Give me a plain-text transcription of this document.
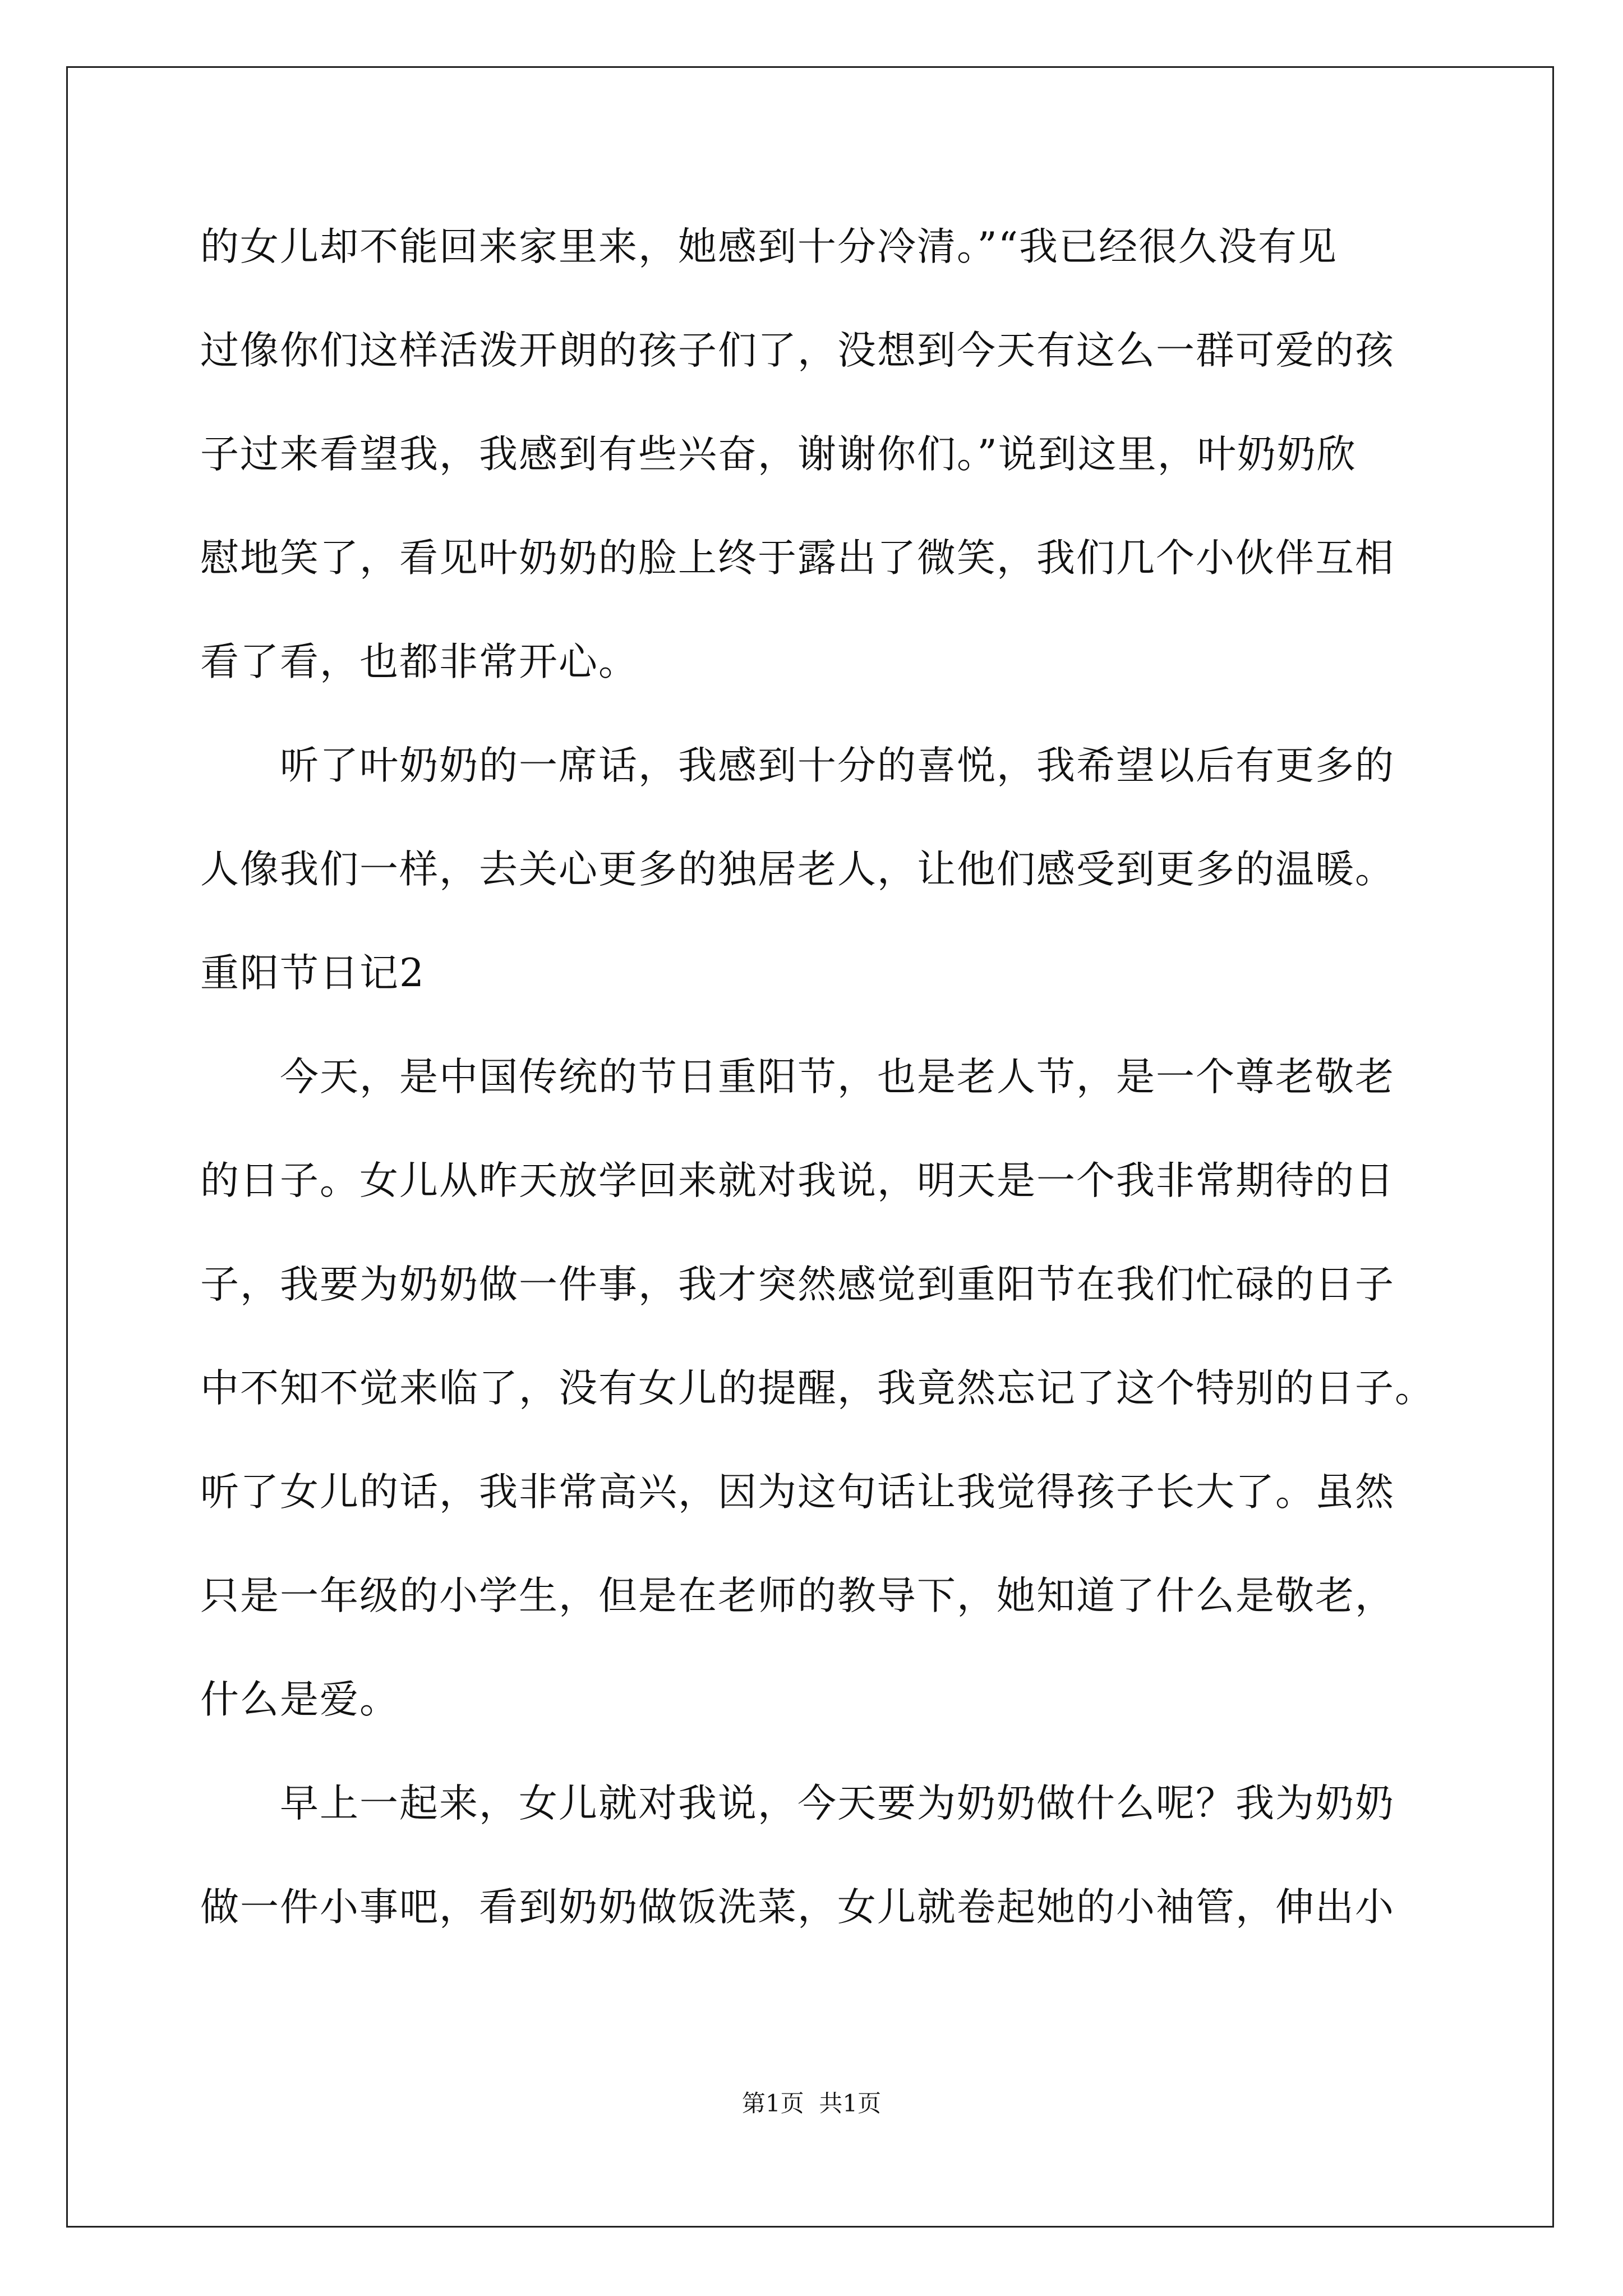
的女儿却不能回来家里来，她感到十分冷清。”“我已经很久没有见
过像你们这样活泼开朗的孩子们了，没想到今天有这么一群可爱的孩
子过来看望我，我感到有些兴奋，谢谢你们。”说到这里，叶奶奶欣
慰地笑了，看见叶奶奶的脸上终于露出了微笑，我们几个小伙伴互相
看了看，也都非常开心。
　　听了叶奶奶的一席话，我感到十分的喜悦，我希望以后有更多的
人像我们一样，去关心更多的独居老人，让他们感受到更多的温暖。
重阳节日记2
　　今天，是中国传统的节日重阳节，也是老人节，是一个尊老敬老
的日子。女儿从昨天放学回来就对我说，明天是一个我非常期待的日
子，我要为奶奶做一件事，我才突然感觉到重阳节在我们忙碌的日子
中不知不觉来临了，没有女儿的提醒，我竟然忘记了这个特别的日子。
听了女儿的话，我非常高兴，因为这句话让我觉得孩子长大了。虽然
只是一年级的小学生，但是在老师的教导下，她知道了什么是敬老，
什么是爱。
　　早上一起来，女儿就对我说，今天要为奶奶做什么呢？我为奶奶
做一件小事吧，看到奶奶做饭洗菜，女儿就卷起她的小袖管，伸出小
第1页  共1页
